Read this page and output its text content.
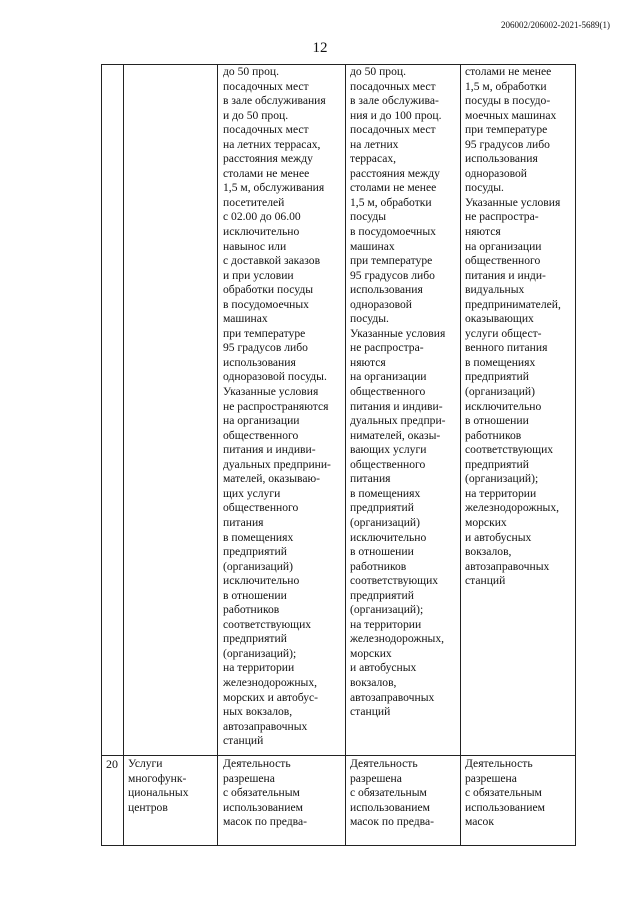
206002/206002-2021-5689(1)
12
до 50 проц.
посадочных мест
в зале обслуживания
и до 50 проц.
посадочных мест
на летних террасах,
расстояния между
столами не менее
1,5 м, обслуживания
посетителей
с 02.00 до 06.00
исключительно
навынос или
с доставкой заказов
и при условии
обработки посуды
в посудомоечных
машинах
при температуре
95 градусов либо
использования
одноразовой посуды.
Указанные условия
не распространяются
на организации
общественного
питания и индиви-
дуальных предприни-
мателей, оказываю-
щих услуги
общественного
питания
в помещениях
предприятий
(организаций)
исключительно
в отношении
работников
соответствующих
предприятий
(организаций);
на территории
железнодорожных,
морских и автобус-
ных вокзалов,
автозаправочных
станций
до 50 проц.
посадочных мест
в зале обслужива-
ния и до 100 проц.
посадочных мест
на летних
террасах,
расстояния между
столами не менее
1,5 м, обработки
посуды
в посудомоечных
машинах
при температуре
95 градусов либо
использования
одноразовой
посуды.
Указанные условия
не распростра-
няются
на организации
общественного
питания и индиви-
дуальных предпри-
нимателей, оказы-
вающих услуги
общественного
питания
в помещениях
предприятий
(организаций)
исключительно
в отношении
работников
соответствующих
предприятий
(организаций);
на территории
железнодорожных,
морских
и автобусных
вокзалов,
автозаправочных
станций
столами не менее
1,5 м, обработки
посуды в посудо-
моечных машинах
при температуре
95 градусов либо
использования
одноразовой
посуды.
Указанные условия
не распростра-
няются
на организации
общественного
питания и инди-
видуальных
предпринимателей,
оказывающих
услуги общест-
венного питания
в помещениях
предприятий
(организаций)
исключительно
в отношении
работников
соответствующих
предприятий
(организаций);
на территории
железнодорожных,
морских
и автобусных
вокзалов,
автозаправочных
станций
20 Услуги
многофунк-
циональных
центров
Деятельность
разрешена
с обязательным
использованием
масок по предва-
Деятельность
разрешена
с обязательным
использованием
масок по предва-
Деятельность
разрешена
с обязательным
использованием
масок
